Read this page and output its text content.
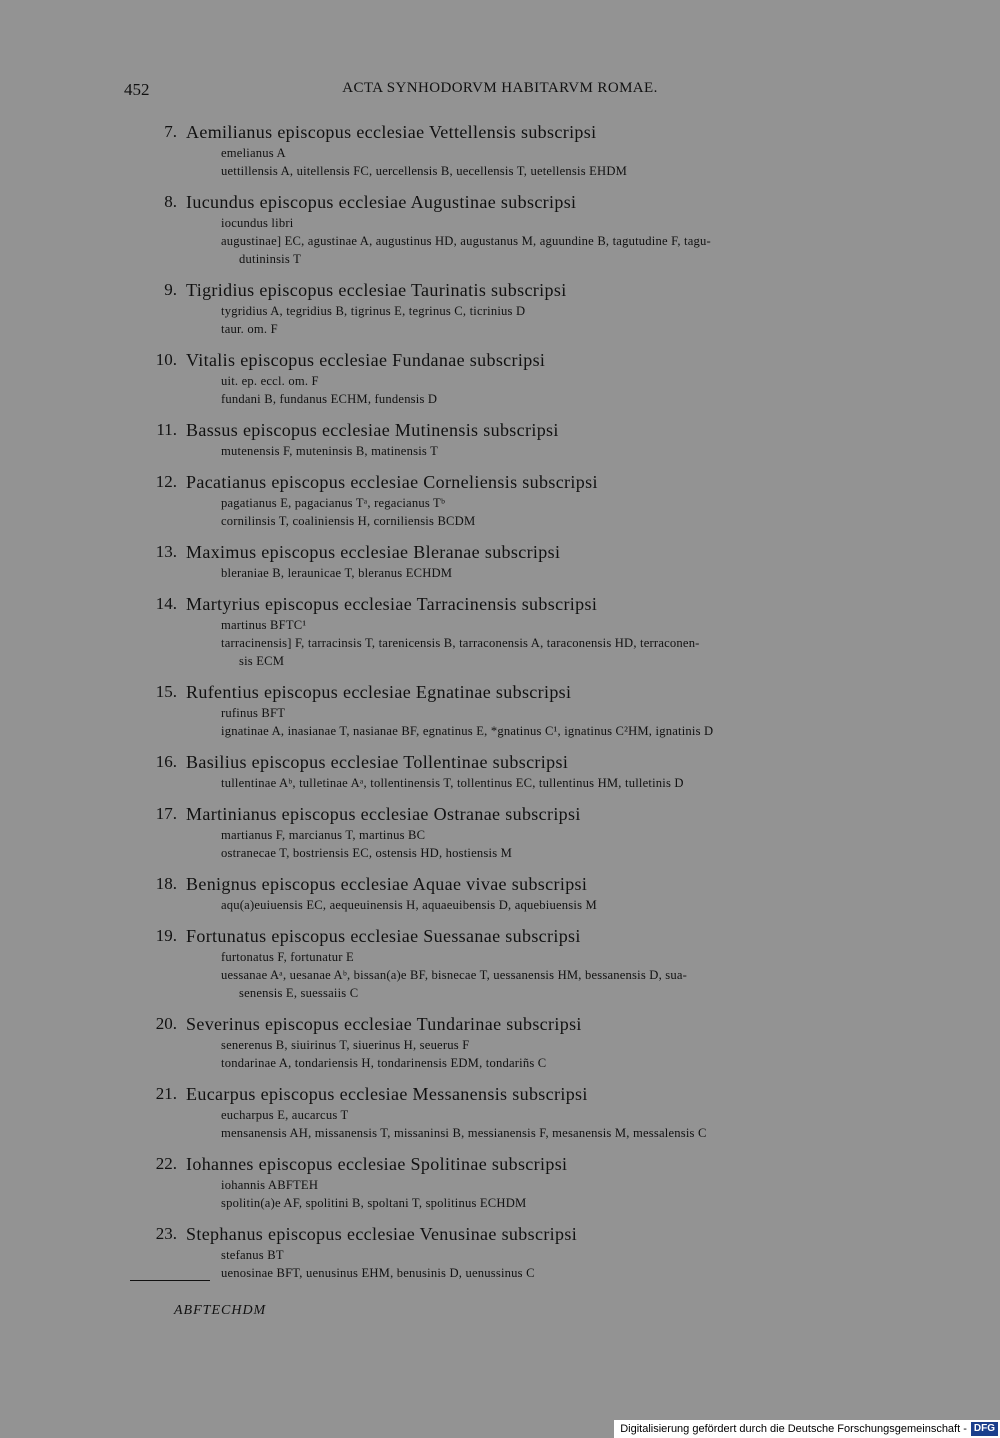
452	ACTA SYNHODORVM HABITARVM ROMAE.
7. Aemilianus episcopus ecclesiae Vettellensis subscripsi
emelianus A
uettillensis A, uitellensis FC, uercellensis B, uecellensis T, uetellensis EHDM
8. Iucundus episcopus ecclesiae Augustinae subscripsi
iocundus libri
augustinae] EC, agustinae A, augustinus HD, augustanus M, aguundine B, tagutudine F, tagu-
dutininsis T
9. Tigridius episcopus ecclesiae Taurinatis subscripsi
tygridius A, tegridius B, tigrinus E, tegrinus C, ticrinius D
taur. om. F
10. Vitalis episcopus ecclesiae Fundanae subscripsi
uit. ep. eccl. om. F
fundani B, fundanus ECHM, fundensis D
11. Bassus episcopus ecclesiae Mutinensis subscripsi
mutenensis F, muteninsis B, matinensis T
12. Pacatianus episcopus ecclesiae Corneliensis subscripsi
pagatianus E, pagacianus Tᵃ, regacianus Tᵇ
cornilinsis T, coaliniensis H, corniliensis BCDM
13. Maximus episcopus ecclesiae Bleranae subscripsi
bleraniae B, leraunicae T, bleranus ECHDM
14. Martyrius episcopus ecclesiae Tarracinensis subscripsi
martinus BFTC¹
tarracinensis] F, tarracinsis T, tarenicensis B, tarraconensis A, taraconensis HD, terraconen-
sis ECM
15. Rufentius episcopus ecclesiae Egnatinae subscripsi
rufinus BFT
ignatinae A, inasianae T, nasianae BF, egnatinus E, *gnatinus C¹, ignatinus C²HM, ignatinis D
16. Basilius episcopus ecclesiae Tollentinae subscripsi
tullentinae Aᵇ, tulletinae Aᵃ, tollentinensis T, tollentinus EC, tullentinus HM, tulletinis D
17. Martinianus episcopus ecclesiae Ostranae subscripsi
martianus F, marcianus T, martinus BC
ostranecae T, bostriensis EC, ostensis HD, hostiensis M
18. Benignus episcopus ecclesiae Aquae vivae subscripsi
aqu(a)euiuensis EC, aequeuinensis H, aquaeuibensis D, aquebiuensis M
19. Fortunatus episcopus ecclesiae Suessanae subscripsi
furtonatus F, fortunatur E
uessanae Aᵃ, uesanae Aᵇ, bissan(a)e BF, bisnecae T, uessanensis HM, bessanensis D, sua-
senensis E, suessaiis C
20. Severinus episcopus ecclesiae Tundarinae subscripsi
senerenus B, siuirinus T, siuerinus H, seuerus F
tondarinae A, tondariensis H, tondarinensis EDM, tondariñs C
21. Eucarpus episcopus ecclesiae Messanensis subscripsi
eucharpus E, aucarcus T
mensanensis AH, missanensis T, missaninsi B, messianensis F, mesanensis M, messalensis C
22. Iohannes episcopus ecclesiae Spolitinae subscripsi
iohannis ABFTEH
spolitin(a)e AF, spolitini B, spoltani T, spolitinus ECHDM
23. Stephanus episcopus ecclesiae Venusinae subscripsi
stefanus BT
uenosinae BFT, uenusinus EHM, benusinis D, uenussinus C
ABFTECHDM
Digitalisierung gefördert durch die Deutsche Forschungsgemeinschaft - DFG
